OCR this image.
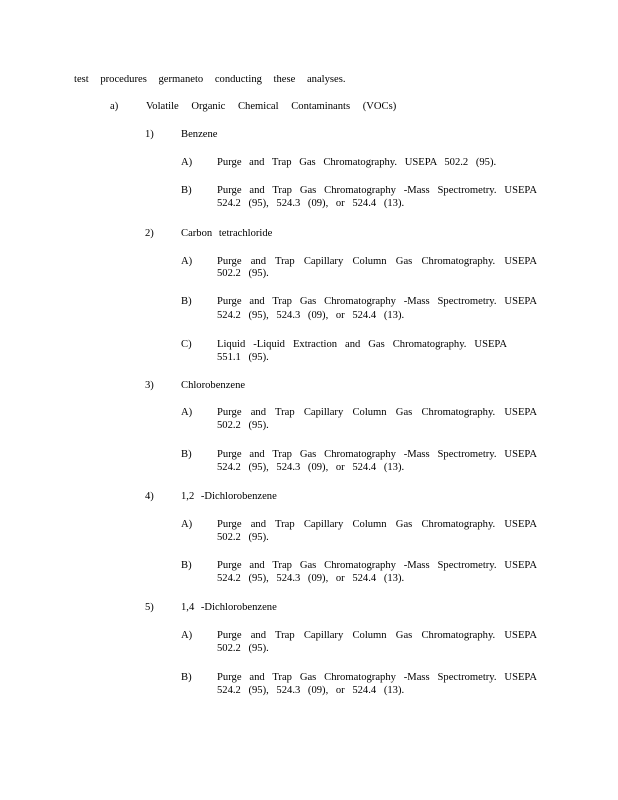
test procedures germaneto conducting these analyses.
a)	Volatile Organic Chemical Contaminants (VOCs)
1)	Benzene
A) Purge and Trap Gas Chromatography. USEPA 502.2 (95).
B) Purge and Trap Gas Chromatography -Mass Spectrometry. USEPA
524.2 (95), 524.3 (09), or 524.4 (13).
2)	Carbon tetrachloride
A) Purge and Trap Capillary Column Gas Chromatography. USEPA
502.2 (95).
B) Purge and Trap Gas Chromatography -Mass Spectrometry. USEPA
524.2 (95), 524.3 (09), or 524.4 (13).
C) Liquid -Liquid Extraction and Gas Chromatography. USEPA
551.1 (95).
3)	Chlorobenzene
A) Purge and Trap Capillary Column Gas Chromatography. USEPA
502.2 (95).
B) Purge and Trap Gas Chromatography -Mass Spectrometry. USEPA
524.2 (95), 524.3 (09), or 524.4 (13).
4)	1,2 -Dichlorobenzene
A) Purge and Trap Capillary Column Gas Chromatography. USEPA
502.2 (95).
B) Purge and Trap Gas Chromatography -Mass Spectrometry. USEPA
524.2 (95), 524.3 (09), or 524.4 (13).
5)	1,4 -Dichlorobenzene
A) Purge and Trap Capillary Column Gas Chromatography. USEPA
502.2 (95).
B) Purge and Trap Gas Chromatography -Mass Spectrometry. USEPA
524.2 (95), 524.3 (09), or 524.4 (13).
